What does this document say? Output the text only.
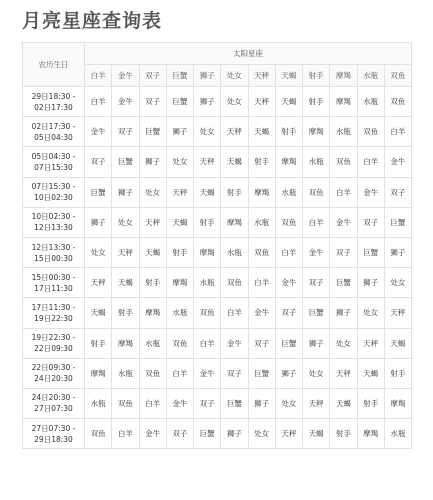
月亮星座查询表
农历生日	太阳星座											
	白羊	金牛	双子	巨蟹	狮子	处女	天秤	天蝎	射手	摩羯	水瓶	双鱼

29日18:30 -
02日17:30	白羊	金牛	双子	巨蟹	狮子	处女	天秤	天蝎	射手	摩羯	水瓶	双鱼

02日17:30 -
05日04:30	金牛	双子	巨蟹	狮子	处女	天秤	天蝎	射手	摩羯	水瓶	双鱼	白羊

05日04:30 -
07日15:30	双子	巨蟹	狮子	处女	天秤	天蝎	射手	摩羯	水瓶	双鱼	白羊	金牛

07日15:30 -
10日02:30	巨蟹	狮子	处女	天秤	天蝎	射手	摩羯	水瓶	双鱼	白羊	金牛	双子

10日02:30 -
12日13:30	狮子	处女	天秤	天蝎	射手	摩羯	水瓶	双鱼	白羊	金牛	双子	巨蟹

12日13:30 -
15日00:30	处女	天秤	天蝎	射手	摩羯	水瓶	双鱼	白羊	金牛	双子	巨蟹	狮子

15日00:30 -
17日11:30	天秤	天蝎	射手	摩羯	水瓶	双鱼	白羊	金牛	双子	巨蟹	狮子	处女

17日11:30 -
19日22:30	天蝎	射手	摩羯	水瓶	双鱼	白羊	金牛	双子	巨蟹	狮子	处女	天秤

19日22:30 -
22日09:30	射手	摩羯	水瓶	双鱼	白羊	金牛	双子	巨蟹	狮子	处女	天秤	天蝎

22日09:30 -
24日20:30	摩羯	水瓶	双鱼	白羊	金牛	双子	巨蟹	狮子	处女	天秤	天蝎	射手

24日20:30 -
27日07:30	水瓶	双鱼	白羊	金牛	双子	巨蟹	狮子	处女	天秤	天蝎	射手	摩羯

27日07:30 -
29日18:30	双鱼	白羊	金牛	双子	巨蟹	狮子	处女	天秤	天蝎	射手	摩羯	水瓶
